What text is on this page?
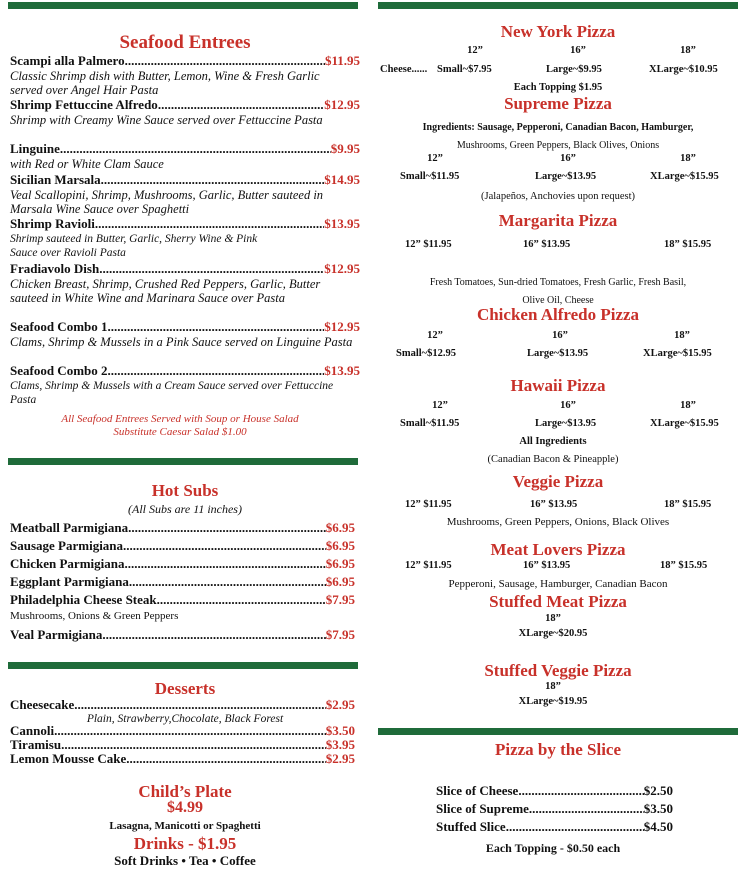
Seafood Entrees
Scampi alla Palmero .....	$11.95
Classic Shrimp dish with Butter, Lemon, Wine & Fresh Garlic served over Angel Hair Pasta
Shrimp Fettuccine Alfredo .....	$12.95
Shrimp with Creamy Wine Sauce served over Fettuccine Pasta
Linguine .....	$9.95
with Red or White Clam Sauce
Sicilian Marsala .....	$14.95
Veal Scallopini, Shrimp, Mushrooms, Garlic, Butter sauteed in Marsala Wine Sauce over Spaghetti
Shrimp Ravioli .....	$13.95
Shrimp sauteed in Butter, Garlic, Sherry Wine & Pink Sauce over Ravioli Pasta
Fradiavolo Dish .....	$12.95
Chicken Breast, Shrimp, Crushed Red Peppers, Garlic, Butter sauteed in White Wine and Marinara Sauce over Pasta
Seafood Combo 1 .....	$12.95
Clams, Shrimp & Mussels in a Pink Sauce served on Linguine Pasta
Seafood Combo 2 .....	$13.95
Clams, Shrimp & Mussels with a Cream Sauce served over Fettuccine Pasta
All Seafood Entrees Served with Soup or House Salad
Substitute Caesar Salad $1.00
Hot Subs
(All Subs are 11 inches)
Meatball Parmigiana .....	$6.95
Sausage Parmigiana .....	$6.95
Chicken Parmigiana .....	$6.95
Eggplant Parmigiana .....	$6.95
Philadelphia Cheese Steak .....	$7.95
Mushrooms, Onions & Green Peppers
Veal Parmigiana .....	$7.95
Desserts
Cheesecake .....	$2.95
Plain, Strawberry,Chocolate, Black Forest
Cannoli .....	$3.50
Tiramisu .....	$3.95
Lemon Mousse Cake .....	$2.95
Child’s Plate
$4.99
Lasagna, Manicotti or Spaghetti
Drinks - $1.95
Soft Drinks • Tea • Coffee
New York Pizza
12”	16”	18”
Cheese...... Small~$7.95	Large~$9.95	XLarge~$10.95
Each Topping $1.95
Supreme Pizza
Ingredients: Sausage, Pepperoni, Canadian Bacon, Hamburger,
Mushrooms, Green Peppers, Black Olives, Onions
12”	16”	18”
Small~$11.95	Large~$13.95	XLarge~$15.95
(Jalapeños, Anchovies upon request)
Margarita Pizza
12” $11.95	16” $13.95	18” $15.95
Fresh Tomatoes, Sun-dried Tomatoes, Fresh Garlic, Fresh Basil,
Olive Oil, Cheese
Chicken Alfredo Pizza
12”	16”	18”
Small~$12.95	Large~$13.95	XLarge~$15.95
Hawaii Pizza
12”	16”	18”
Small~$11.95	Large~$13.95	XLarge~$15.95
All Ingredients
(Canadian Bacon & Pineapple)
Veggie Pizza
12” $11.95	16” $13.95	18” $15.95
Mushrooms, Green Peppers, Onions, Black Olives
Meat Lovers Pizza
12” $11.95	16” $13.95	18” $15.95
Pepperoni, Sausage, Hamburger, Canadian Bacon
Stuffed Meat Pizza
18”
XLarge~$20.95
Stuffed Veggie Pizza
18”
XLarge~$19.95
Pizza by the Slice
Slice of Cheese .....	$2.50
Slice of Supreme .....	$3.50
Stuffed Slice .....	$4.50
Each Topping - $0.50 each
